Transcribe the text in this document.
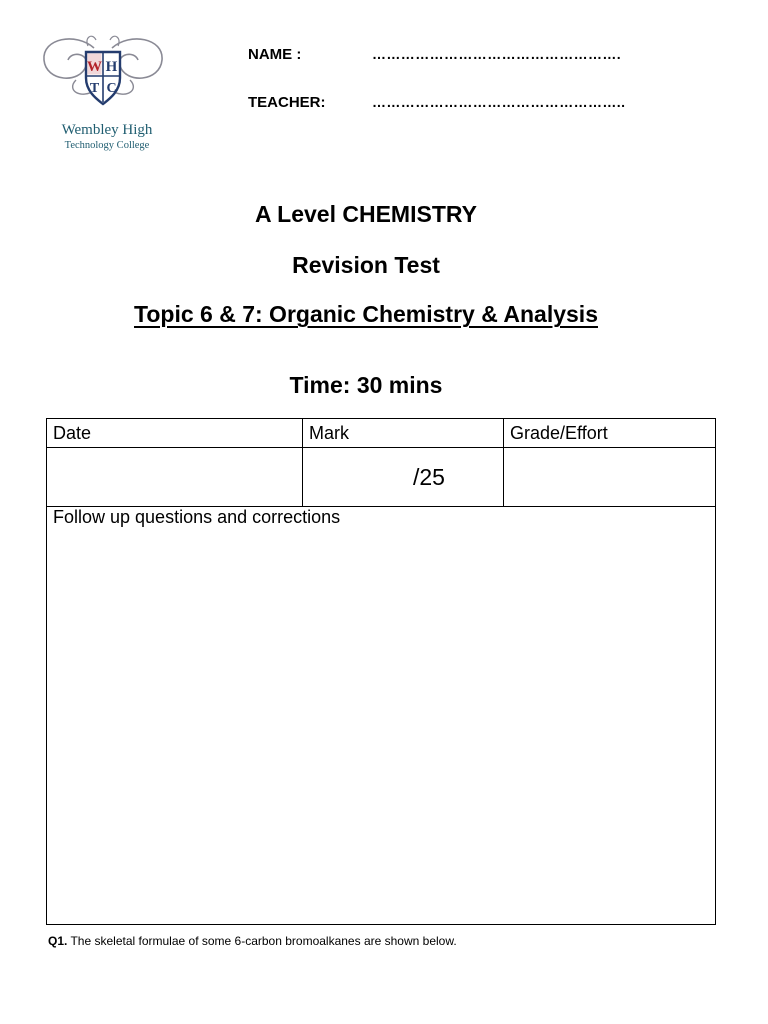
W H
T C
Wembley High
Technology College
NAME :	…………………………………………….
TEACHER:	……………………………………………..
A Level CHEMISTRY
Revision Test
Topic 6 & 7: Organic Chemistry & Analysis
Time: 30 mins
Date	Mark	Grade/Effort

	/25	

Follow up questions and corrections		
Q1. The skeletal formulae of some 6-carbon bromoalkanes are shown below.
